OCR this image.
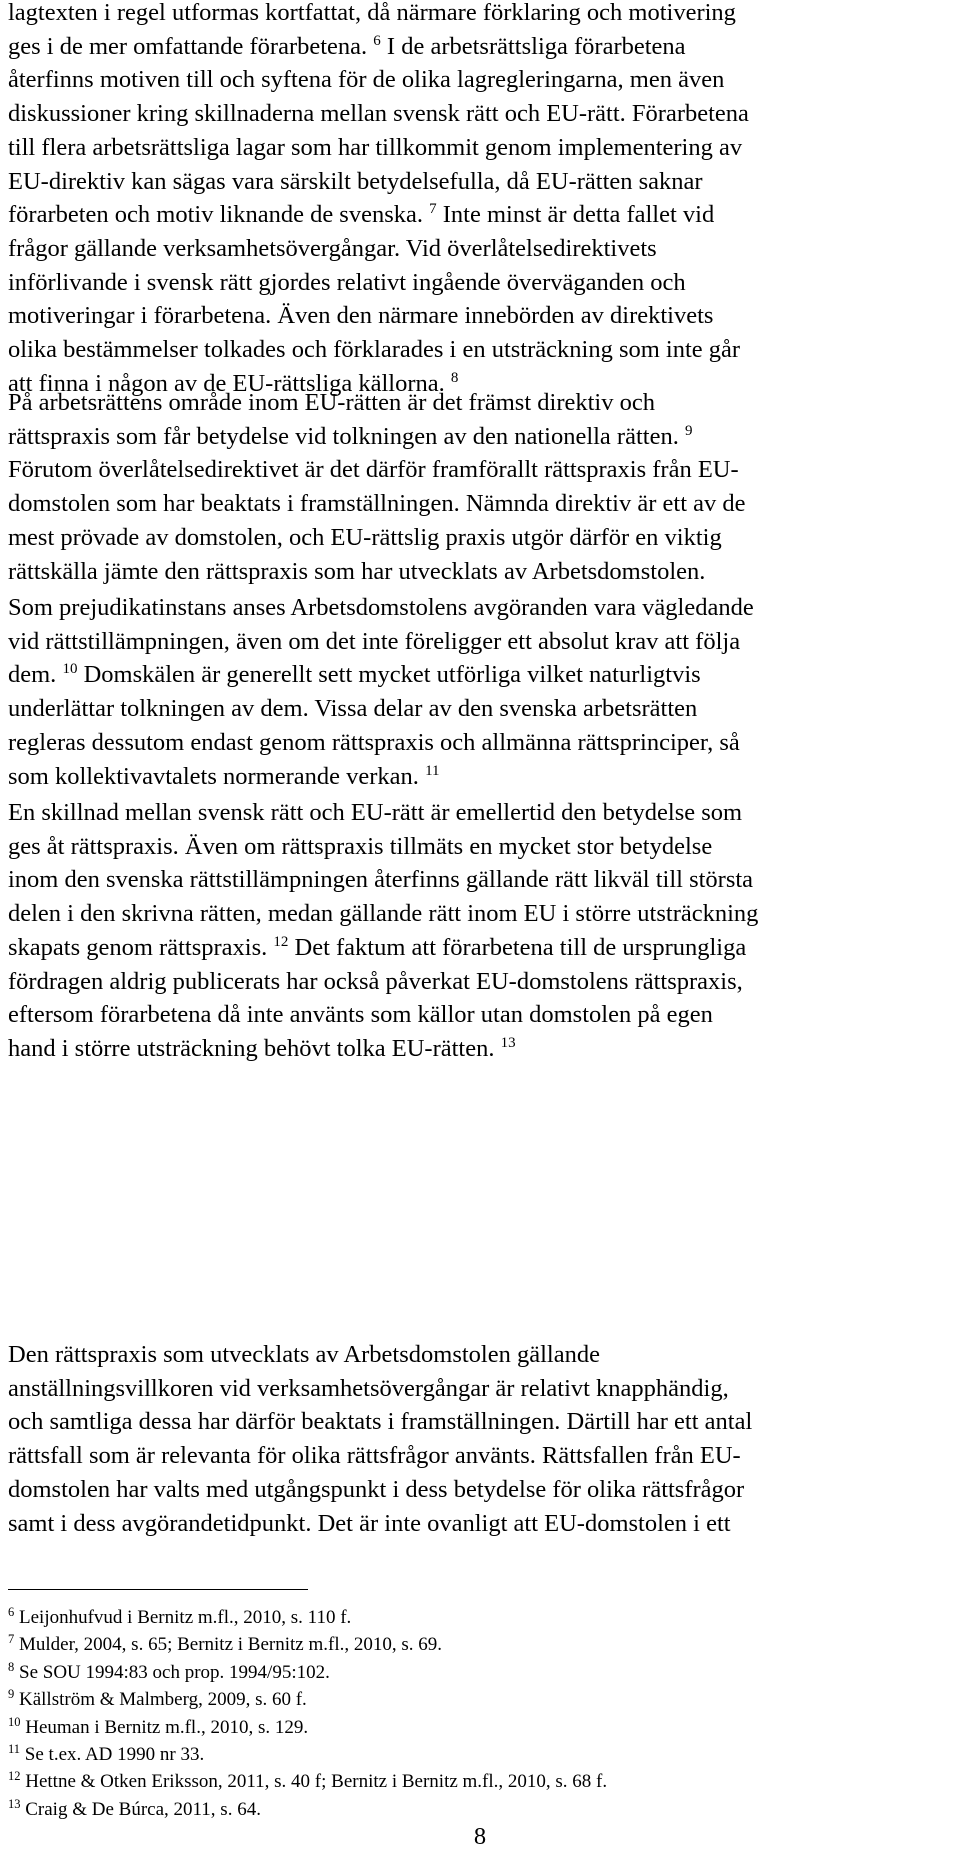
lagtexten i regel utformas kortfattat, då närmare förklaring och motivering
ges i de mer omfattande förarbetena. $^6$ I de arbetsrättsliga förarbetena
återfinns motiven till och syftena för de olika lagregleringarna, men även
diskussioner kring skillnaderna mellan svensk rätt och EU-rätt. Förarbetena
till flera arbetsrättsliga lagar som har tillkommit genom implementering av
EU-direktiv kan sägas vara särskilt betydelsefulla, då EU-rätten saknar
förarbeten och motiv liknande de svenska. $^7$ Inte minst är detta fallet vid
frågor gällande verksamhetsövergångar. Vid överlåtelsedirektivets
införlivande i svensk rätt gjordes relativt ingående överväganden och
motiveringar i förarbetena. Även den närmare innebörden av direktivets
olika bestämmelser tolkades och förklarades i en utsträckning som inte går
att finna i någon av de EU-rättsliga källorna. $^8$
På arbetsrättens område inom EU-rätten är det främst direktiv och
rättspraxis som får betydelse vid tolkningen av den nationella rätten. $^9$
Förutom överlåtelsedirektivet är det därför framförallt rättspraxis från EU-
domstolen som har beaktats i framställningen. Nämnda direktiv är ett av de
mest prövade av domstolen, och EU-rättslig praxis utgör därför en viktig
rättskälla jämte den rättspraxis som har utvecklats av Arbetsdomstolen.
Som prejudikatinstans anses Arbetsdomstolens avgöranden vara vägledande
vid rättstillämpningen, även om det inte föreligger ett absolut krav att följa
dem. $^{10}$ Domskälen är generellt sett mycket utförliga vilket naturligtvis
underlättar tolkningen av dem. Vissa delar av den svenska arbetsrätten
regleras dessutom endast genom rättspraxis och allmänna rättsprinciper, så
som kollektivavtalets normerande verkan. $^{11}$
En skillnad mellan svensk rätt och EU-rätt är emellertid den betydelse som
ges åt rättspraxis. Även om rättspraxis tillmäts en mycket stor betydelse
inom den svenska rättstillämpningen återfinns gällande rätt likväl till största
delen i den skrivna rätten, medan gällande rätt inom EU i större utsträckning
skapats genom rättspraxis. $^{12}$ Det faktum att förarbetena till de ursprungliga
fördragen aldrig publicerats har också påverkat EU-domstolens rättspraxis,
eftersom förarbetena då inte använts som källor utan domstolen på egen
hand i större utsträckning behövt tolka EU-rätten. $^{13}$
Den rättspraxis som utvecklats av Arbetsdomstolen gällande
anställningsvillkoren vid verksamhetsövergångar är relativt knapphändig,
och samtliga dessa har därför beaktats i framställningen. Därtill har ett antal
rättsfall som är relevanta för olika rättsfrågor använts. Rättsfallen från EU-
domstolen har valts med utgångspunkt i dess betydelse för olika rättsfrågor
samt i dess avgörandetidpunkt. Det är inte ovanligt att EU-domstolen i ett
$^6$ Leijonhufvud i Bernitz m.fl., 2010, s. 110 f.
$^7$ Mulder, 2004, s. 65; Bernitz i Bernitz m.fl., 2010, s. 69.
$^8$ Se SOU 1994:83 och prop. 1994/95:102.
$^9$ Källström & Malmberg, 2009, s. 60 f.
$^{10}$ Heuman i Bernitz m.fl., 2010, s. 129.
$^{11}$ Se t.ex. AD 1990 nr 33.
$^{12}$ Hettne & Otken Eriksson, 2011, s. 40 f; Bernitz i Bernitz m.fl., 2010, s. 68 f.
$^{13}$ Craig & De Búrca, 2011, s. 64.
8
